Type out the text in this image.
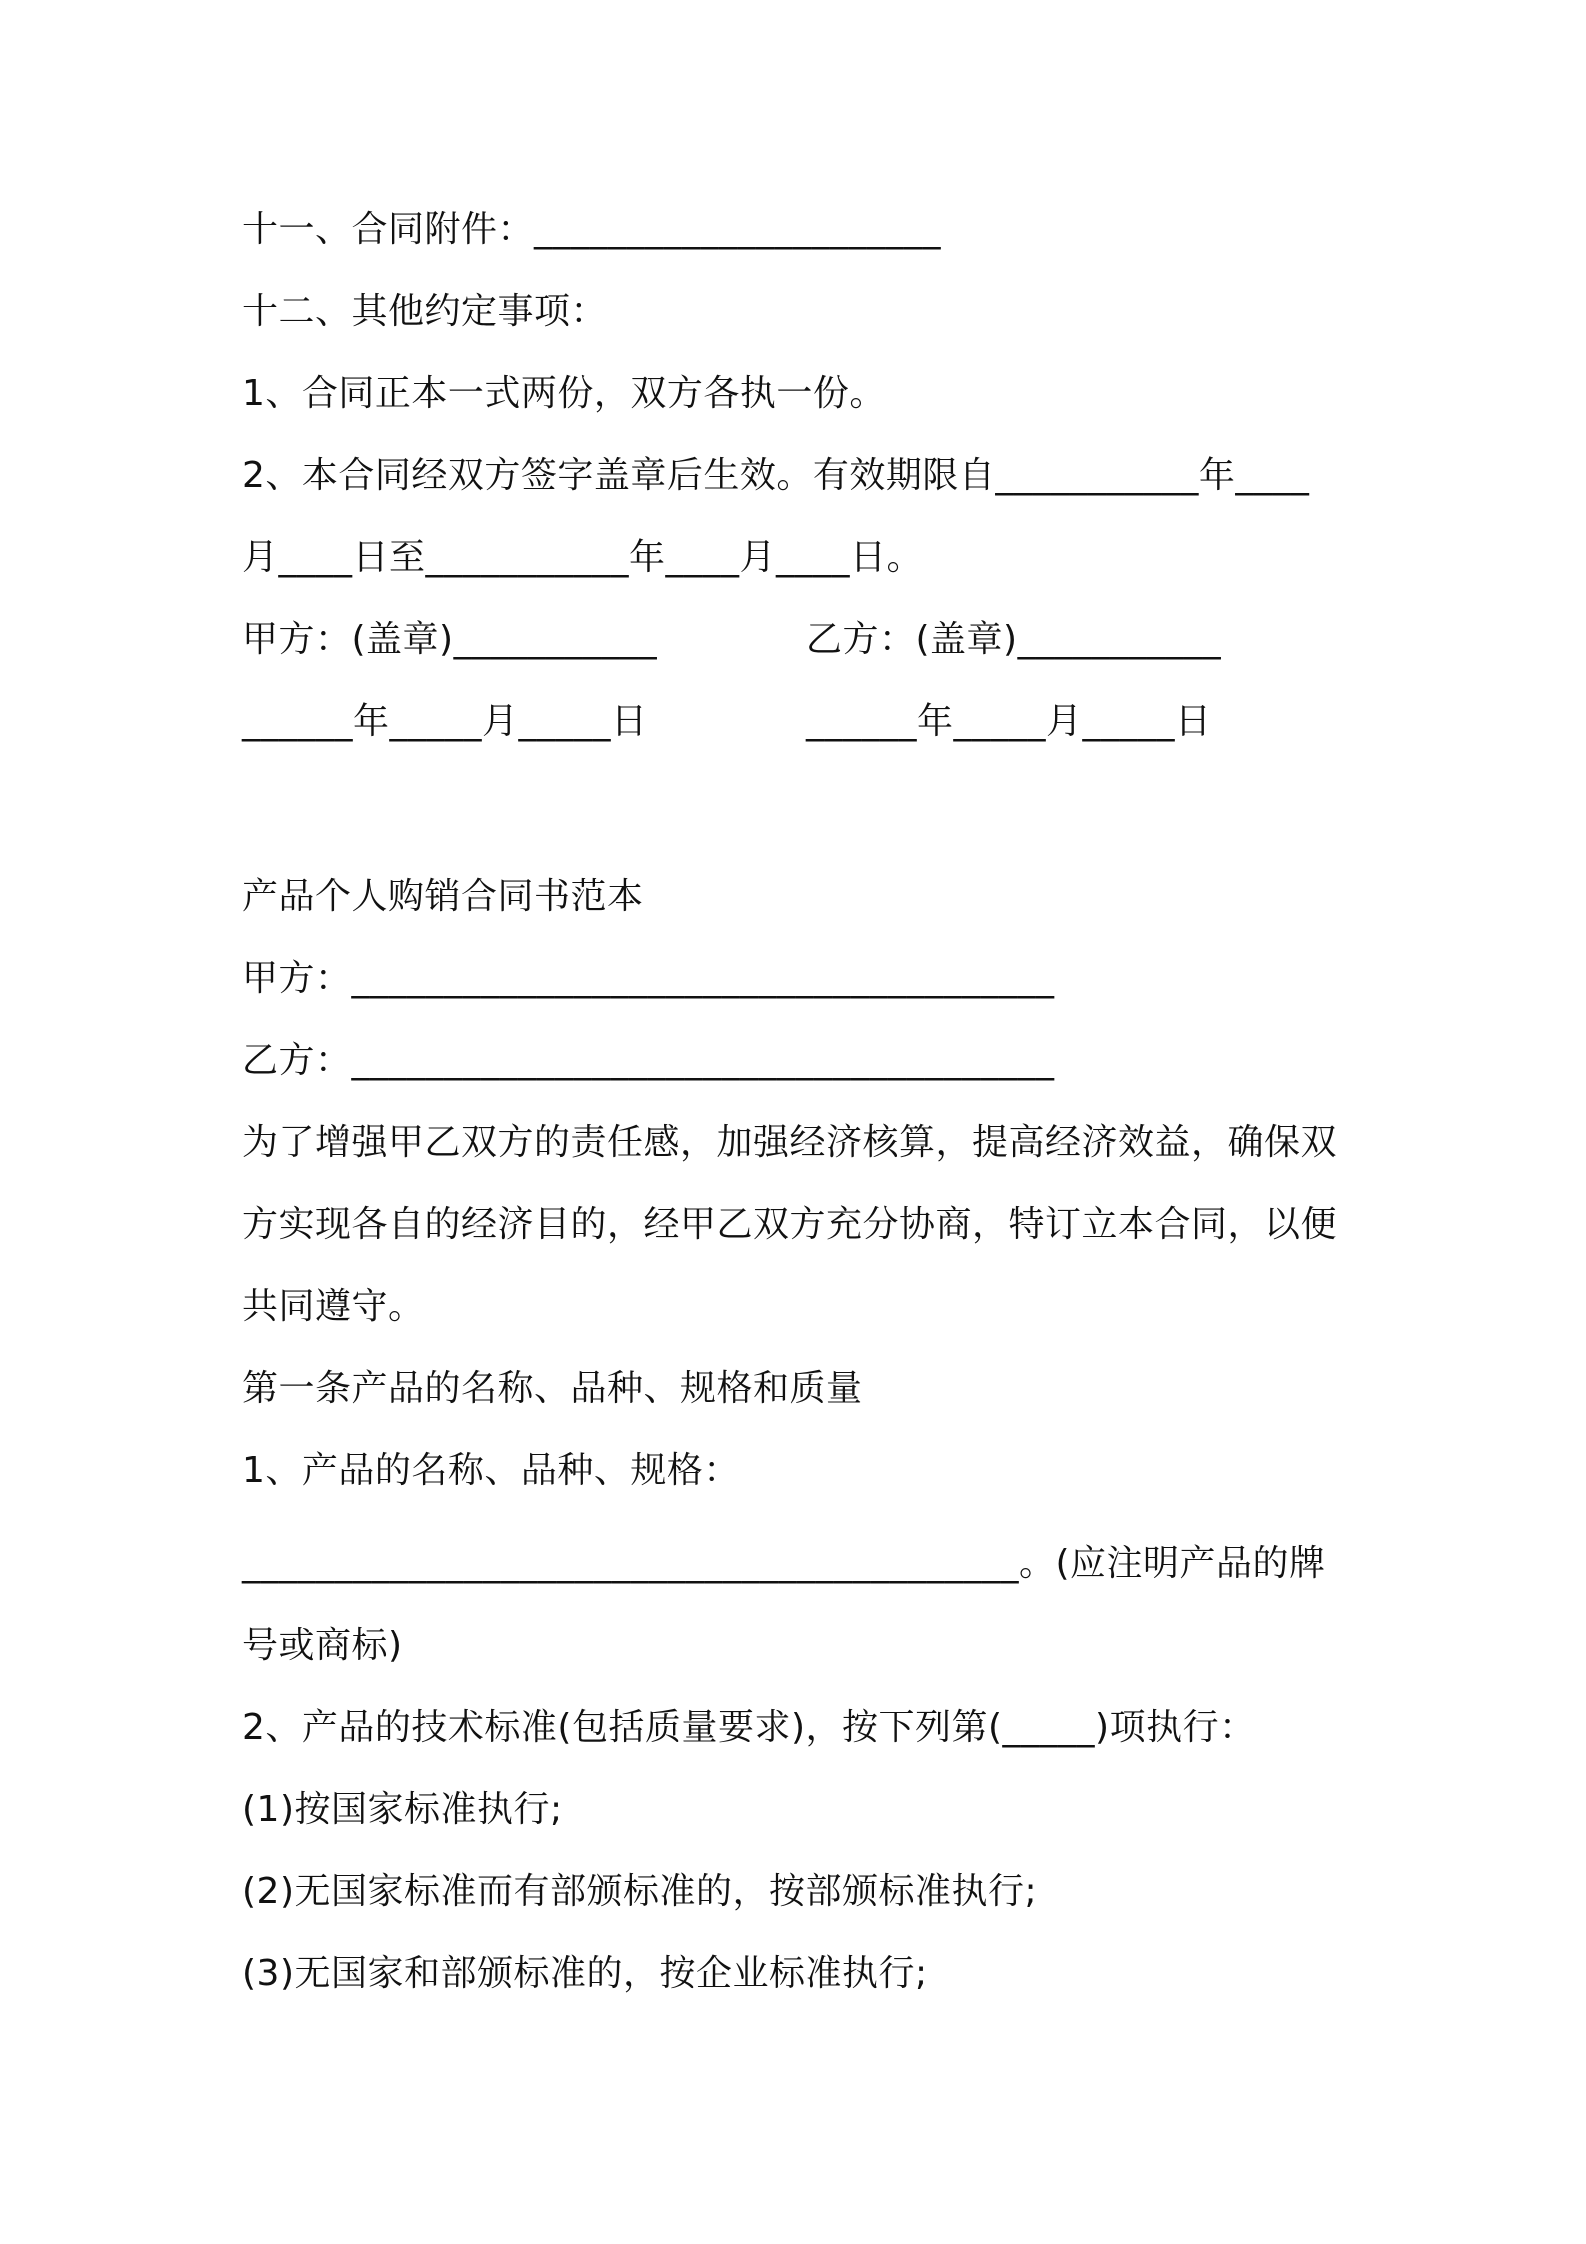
十一、合同附件：______________________
十二、其他约定事项：
1、合同正本一式两份，双方各执一份。
2、本合同经双方签字盖章后生效。有效期限自___________年____
月____日至___________年____月____日。
甲方：(盖章)___________	乙方：(盖章)___________
______年_____月_____日	______年_____月_____日
产品个人购销合同书范本
甲方：______________________________________
乙方：______________________________________
为了增强甲乙双方的责任感，加强经济核算，提高经济效益，确保双
方实现各自的经济目的，经甲乙双方充分协商，特订立本合同，以便
共同遵守。
第一条产品的名称、品种、规格和质量
1、产品的名称、品种、规格：
__________________________________________。(应注明产品的牌
号或商标)
2、产品的技术标准(包括质量要求)，按下列第(_____)项执行：
(1)按国家标准执行;
(2)无国家标准而有部颁标准的，按部颁标准执行;
(3)无国家和部颁标准的，按企业标准执行;
